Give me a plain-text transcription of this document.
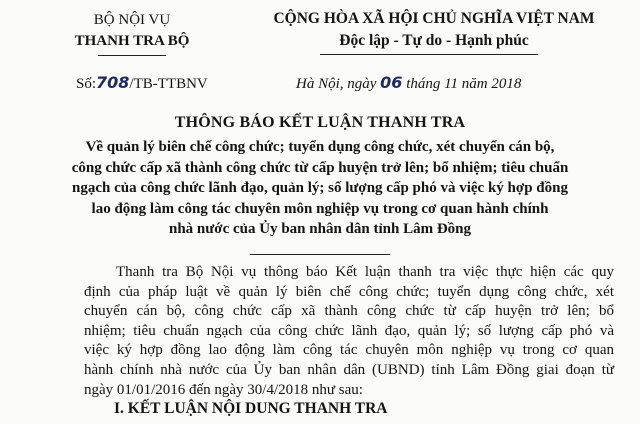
BỘ NỘI VỤ
THANH TRA BỘ
CỘNG HÒA XÃ HỘI CHỦ NGHĨA VIỆT NAM
Độc lập - Tự do - Hạnh phúc
Số:708/TB-TTBNV	Hà Nội, ngày 06 tháng 11 năm 2018
THÔNG BÁO KẾT LUẬN THANH TRA
Về quản lý biên chế công chức; tuyển dụng công chức, xét chuyển cán bộ,
công chức cấp xã thành công chức từ cấp huyện trở lên; bổ nhiệm; tiêu chuẩn
ngạch của công chức lãnh đạo, quản lý; số lượng cấp phó và việc ký hợp đồng
lao động làm công tác chuyên môn nghiệp vụ trong cơ quan hành chính
nhà nước của Ủy ban nhân dân tỉnh Lâm Đồng
Thanh tra Bộ Nội vụ thông báo Kết luận thanh tra việc thực hiện các quy
định của pháp luật về quản lý biên chế công chức; tuyển dụng công chức, xét
chuyển cán bộ, công chức cấp xã thành công chức từ cấp huyện trở lên; bổ
nhiệm; tiêu chuẩn ngạch của công chức lãnh đạo, quản lý; số lượng cấp phó và
việc ký hợp đồng lao động làm công tác chuyên môn nghiệp vụ trong cơ quan
hành chính nhà nước của Ủy ban nhân dân (UBND) tỉnh Lâm Đồng giai đoạn từ
ngày 01/01/2016 đến ngày 30/4/2018 như sau:
I. KẾT LUẬN NỘI DUNG THANH TRA
